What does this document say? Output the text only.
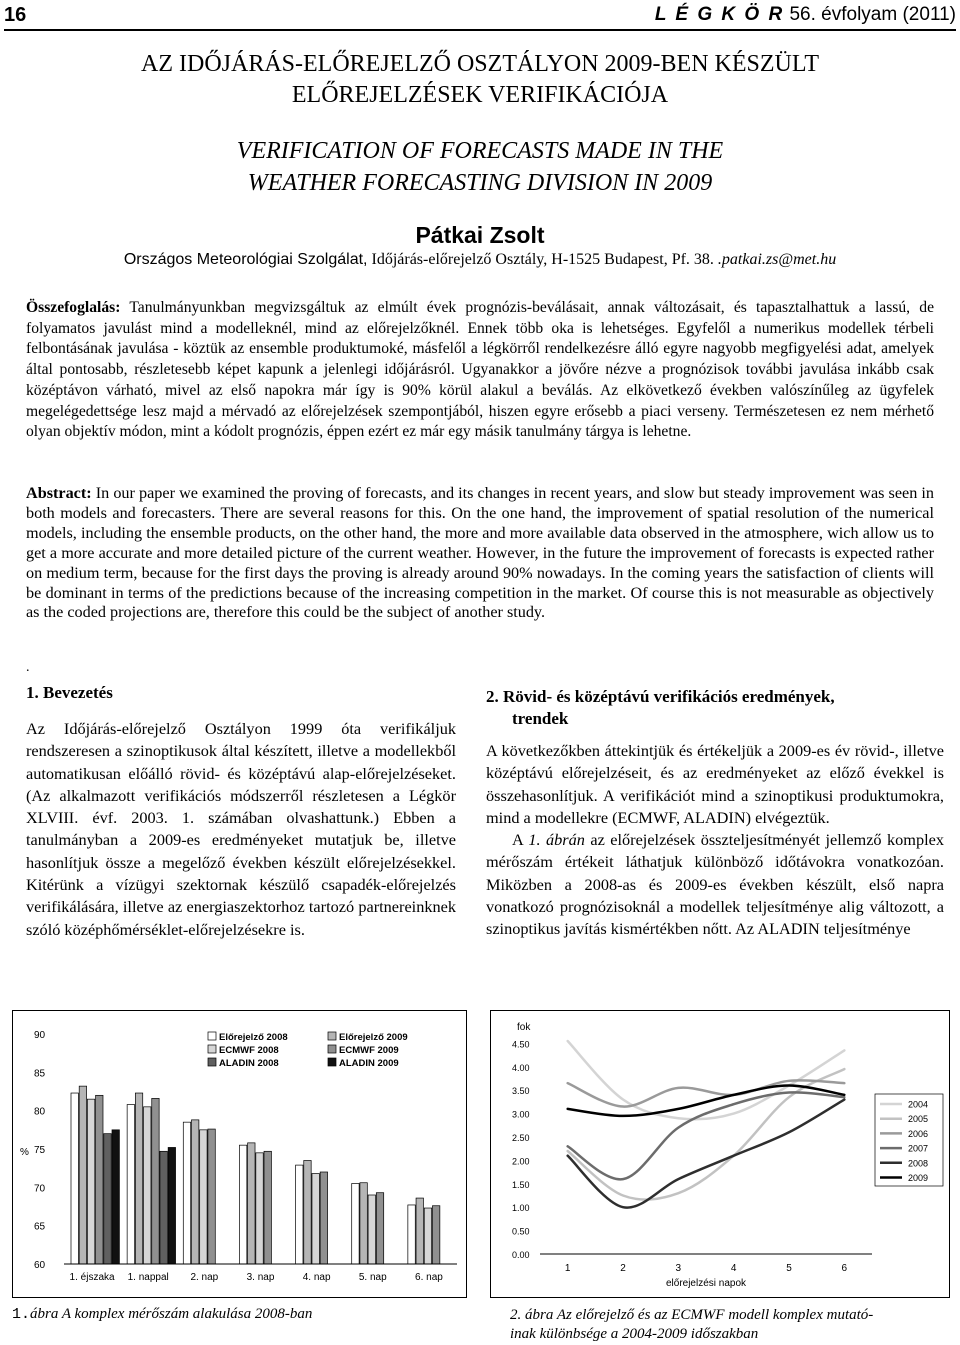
16	L É G K Ö R 56. évfolyam (2011)
AZ IDŐJÁRÁS-ELŐREJELZŐ OSZTÁLYON 2009-BEN KÉSZÜLT
ELŐREJELZÉSEK VERIFIKÁCIÓJA
VERIFICATION OF FORECASTS MADE IN THE
WEATHER FORECASTING DIVISION IN 2009
Pátkai Zsolt
Országos Meteorológiai Szolgálat, Időjárás-előrejelző Osztály, H-1525 Budapest, Pf. 38. .patkai.zs@met.hu
Összefoglalás: Tanulmányunkban megvizsgáltuk az elmúlt évek prognózis-beválásait, annak változásait, és tapasztalhattuk a lassú, de folyamatos javulást mind a modelleknél, mind az előrejelzőknél. Ennek több oka is lehetséges. Egyfelől a numerikus modellek térbeli felbontásának javulása - köztük az ensemble produktumoké, másfelől a légkörről rendelkezésre álló egyre nagyobb megfigyelési adat, amelyek által pontosabb, részletesebb képet kapunk a jelenlegi időjárásról. Ugyanakkor a jövőre nézve a prognózisok további javulása inkább csak középtávon várható, mivel az első napokra már így is 90% körül alakul a beválás. Az elkövetkező években valószínűleg az ügyfelek megelégedettsége lesz majd a mérvadó az előrejelzések szempontjából, hiszen egyre erősebb a piaci verseny. Természetesen ez nem mérhető olyan objektív módon, mint a kódolt prognózis, éppen ezért ez már egy másik tanulmány tárgya is lehetne.
Abstract: In our paper we examined the proving of forecasts, and its changes in recent years, and slow but steady improvement was seen in both models and forecasters. There are several reasons for this. On the one hand, the improvement of spatial resolution of the numerical models, including the ensemble products, on the other hand, the more and more available data observed in the atmosphere, wich allow us to get a more accurate and more detailed picture of the current weather. However, in the future the improvement of forecasts is expected rather on medium term, because for the first days the proving is already around 90% nowadays. In the coming years the satisfaction of clients will be dominant in terms of the predictions because of the increasing competition in the market. Of course this is not measurable as objectively as the coded projections are, therefore this could be the subject of another study.
.
1. Bevezetés
Az Időjárás-előrejelző Osztályon 1999 óta verifikáljuk rendszeresen a szinoptikusok által készített, illetve a modellekből automatikusan előálló rövid- és középtávú alap-előrejelzéseket. (Az alkalmazott verifikációs módszerről részletesen a Légkör XLVIII. évf. 2003. 1. számában olvashattunk.) Ebben a tanulmányban a 2009-es eredményeket mutatjuk be, illetve hasonlítjuk össze a megelőző években készült előrejelzésekkel. Kitérünk a vízügyi szektornak készülő csapadék-előrejelzés verifikálására, illetve az energiaszektorhoz tartozó partnereinknek szóló középhőmérséklet-előrejelzésekre is.
2. Rövid- és középtávú verifikációs eredmények,
trendek
A következőkben áttekintjük és értékeljük a 2009-es év rövid-, illetve középtávú előrejelzéseit, és az eredményeket az előző évekkel is összehasonlítjuk. A verifikációt mind a szinoptikusi produktumokra, mind a modellekre (ECMWF, ALADIN) elvégeztük.
A 1. ábrán az előrejelzések összteljesítményét jellemző komplex mérőszám értékeit láthatjuk különböző időtávokra vonatkozóan. Miközben a 2008-as és 2009-es években készült, első napra vonatkozó prognózisoknál a modellek teljesítménye alig változott, a szinoptikus javítás kismértékben nőtt. Az ALADIN teljesítménye
60
65
70
75
80
85
90
%
1. éjszaka 1. nappal 2. nap	3. nap	4. nap	5. nap	6. nap
Előrejelző 2008	Előrejelző 2009
ECMWF 2008	ECMWF 2009
ALADIN 2008	ALADIN 2009
fok
0.00
0.50
1.00
1.50
2.00
2.50
3.00
3.50
4.00
4.50
1	2	3	4	5	6
előrejelzési napok
2004
2005
2006
2007
2008
2009
1.ábra A komplex mérőszám alakulása 2008-ban	2. ábra Az előrejelző és az ECMWF modell komplex mutató-
inak különbsége a 2004-2009 időszakban
